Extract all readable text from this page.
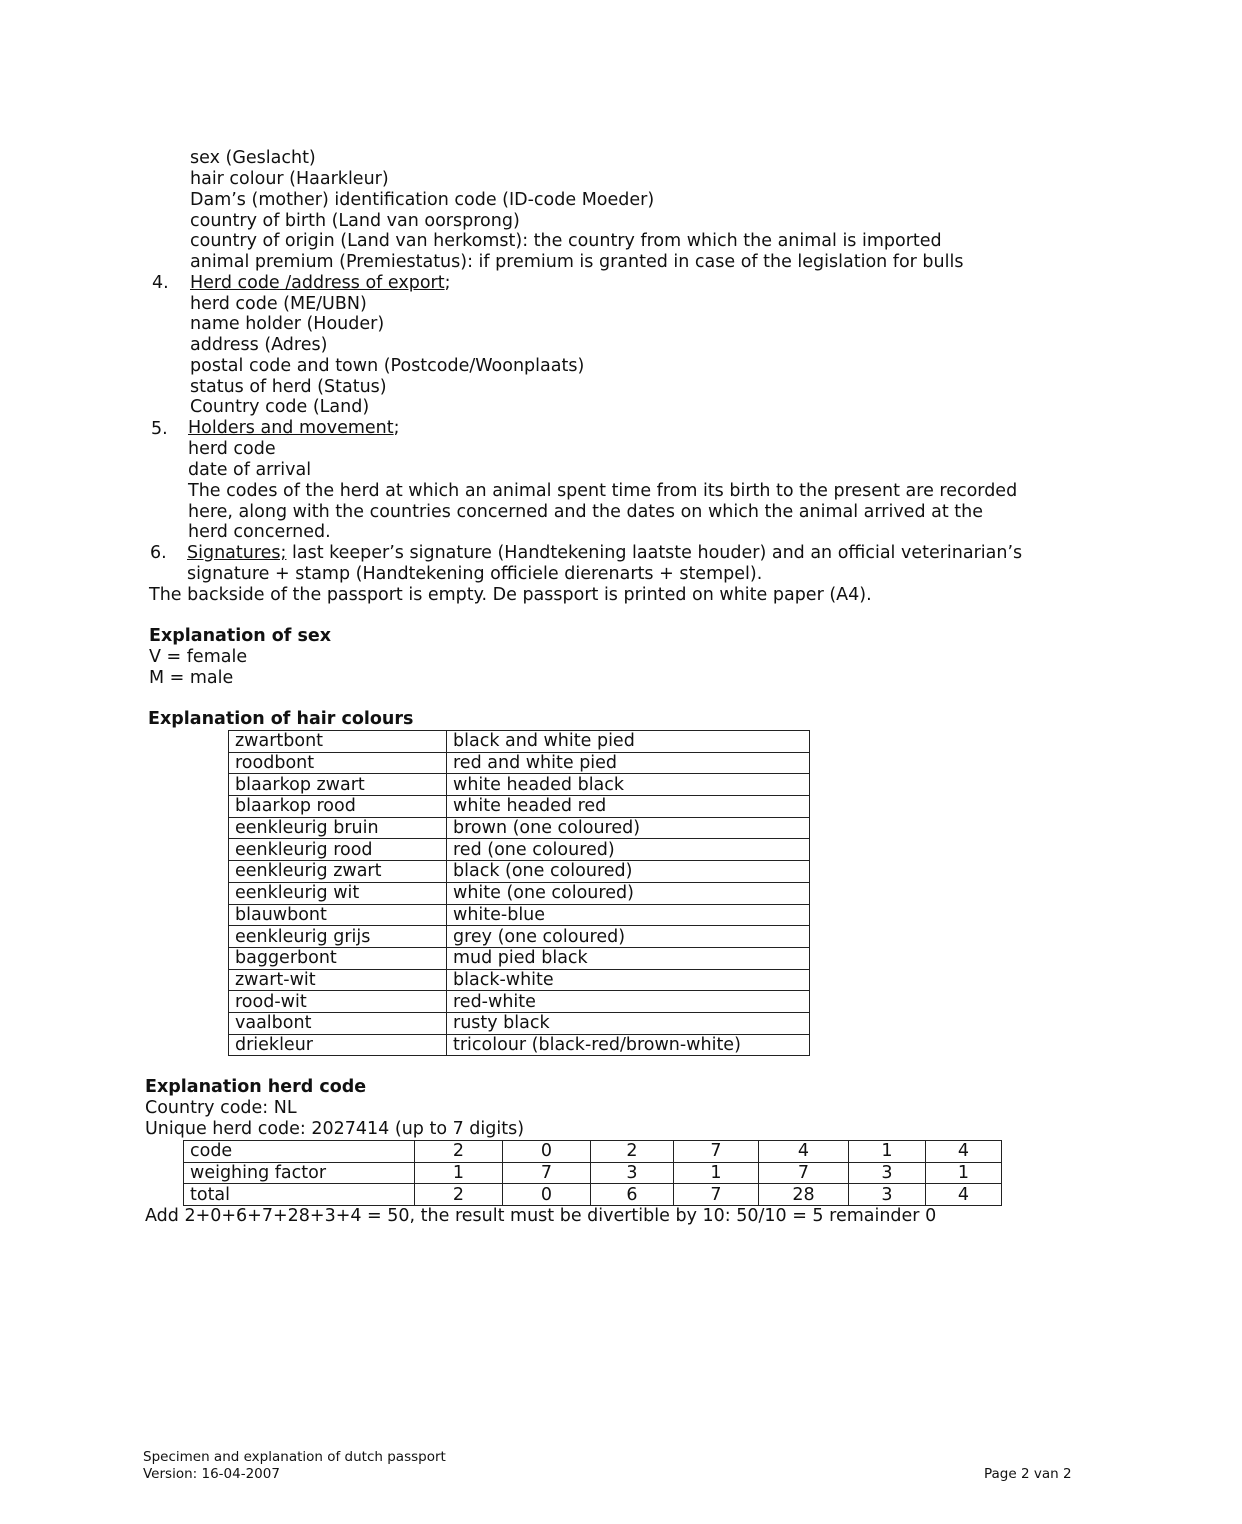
sex (Geslacht)
hair colour (Haarkleur)
Dam’s (mother) identification code (ID-code Moeder)
country of birth (Land van oorsprong)
country of origin (Land van herkomst): the country from which the animal is imported
animal premium (Premiestatus): if premium is granted in case of the legislation for bulls
4. Herd code /address of export;
herd code (ME/UBN)
name holder (Houder)
address (Adres)
postal code and town (Postcode/Woonplaats)
status of herd (Status)
Country code (Land)
5. Holders and movement;
herd code
date of arrival
The codes of the herd at which an animal spent time from its birth to the present are recorded
here, along with the countries concerned and the dates on which the animal arrived at the
herd concerned.
6. Signatures; last keeper’s signature (Handtekening laatste houder) and an official veterinarian’s
signature + stamp (Handtekening officiele dierenarts + stempel).
The backside of the passport is empty. De passport is printed on white paper (A4).
Explanation of sex
V = female
M = male
Explanation of hair colours
zwartbont	black and white pied
roodbont	red and white pied
blaarkop zwart	white headed black
blaarkop rood	white headed red
eenkleurig bruin	brown (one coloured)
eenkleurig rood	red (one coloured)
eenkleurig zwart	black (one coloured)
eenkleurig wit	white (one coloured)
blauwbont	white-blue
eenkleurig grijs	grey (one coloured)
baggerbont	mud pied black
zwart-wit	black-white
rood-wit	red-white
vaalbont	rusty black
driekleur	tricolour (black-red/brown-white)
Explanation herd code
Country code: NL
Unique herd code: 2027414 (up to 7 digits)
code	2	0	2	7	4	1	4
weighing factor	1	7	3	1	7	3	1
total	2	0	6	7	28	3	4
Add 2+0+6+7+28+3+4 = 50, the result must be divertible by 10: 50/10 = 5 remainder 0
Specimen and explanation of dutch passport
Version: 16-04-2007	Page 2 van 2
